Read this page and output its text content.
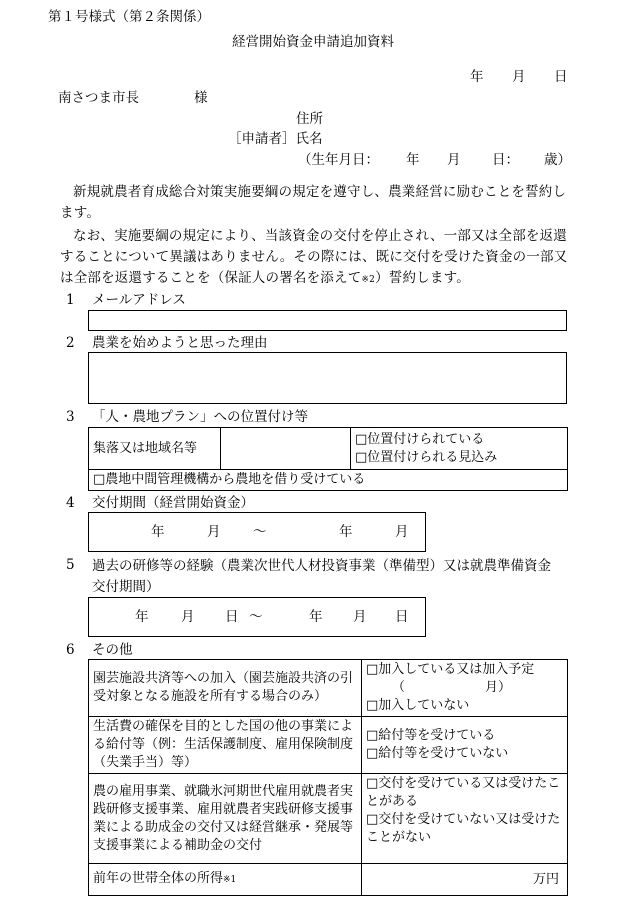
第１号様式（第２条関係）
経営開始資金申請追加資料
年 月 日
南さつま市長	様
住所
［申請者］氏名
（生年月日： 年 月 日： 歳）
新規就農者育成総合対策実施要綱の規定を遵守し、農業経営に励むことを誓約します。
なお、実施要綱の規定により、当該資金の交付を停止され、一部又は全部を返還することについて異議はありません。その際には、既に交付を受けた資金の一部又は全部を返還することを（保証人の署名を添えて※2）誓約します。
1 メールアドレス
2 農業を始めようと思った理由
3 「人・農地プラン」への位置付け等
集落又は地域名等		
□ 位置付けられている
□ 位置付けられる見込み

□ 農地中間管理機構から農地を借り受けている
4 交付期間（経営開始資金）
年	月 ～	年	月
5 過去の研修等の経験（農業次世代人材投資事業（準備型）又は就農準備資金交付期間）
年 月 日 ～	年 月 日
6 その他
園芸施設共済等への加入（園芸施設共済の引受対象となる施設を所有する場合のみ）	
□ 加入している又は加入予定
（ 月）
□ 加入していない

生活費の確保を目的とした国の他の事業による給付等（例：生活保護制度、雇用保険制度（失業手当）等）	
□ 給付等を受けている
□ 給付等を受けていない

農の雇用事業、就職氷河期世代雇用就農者実践研修支援事業、雇用就農者実践研修支援事業による助成金の交付又は経営継承・発展等支援事業による補助金の交付	
□ 交付を受けている又は受けたことがある
□ 交付を受けていない又は受けたことがない

前年の世帯全体の所得※1	万円
